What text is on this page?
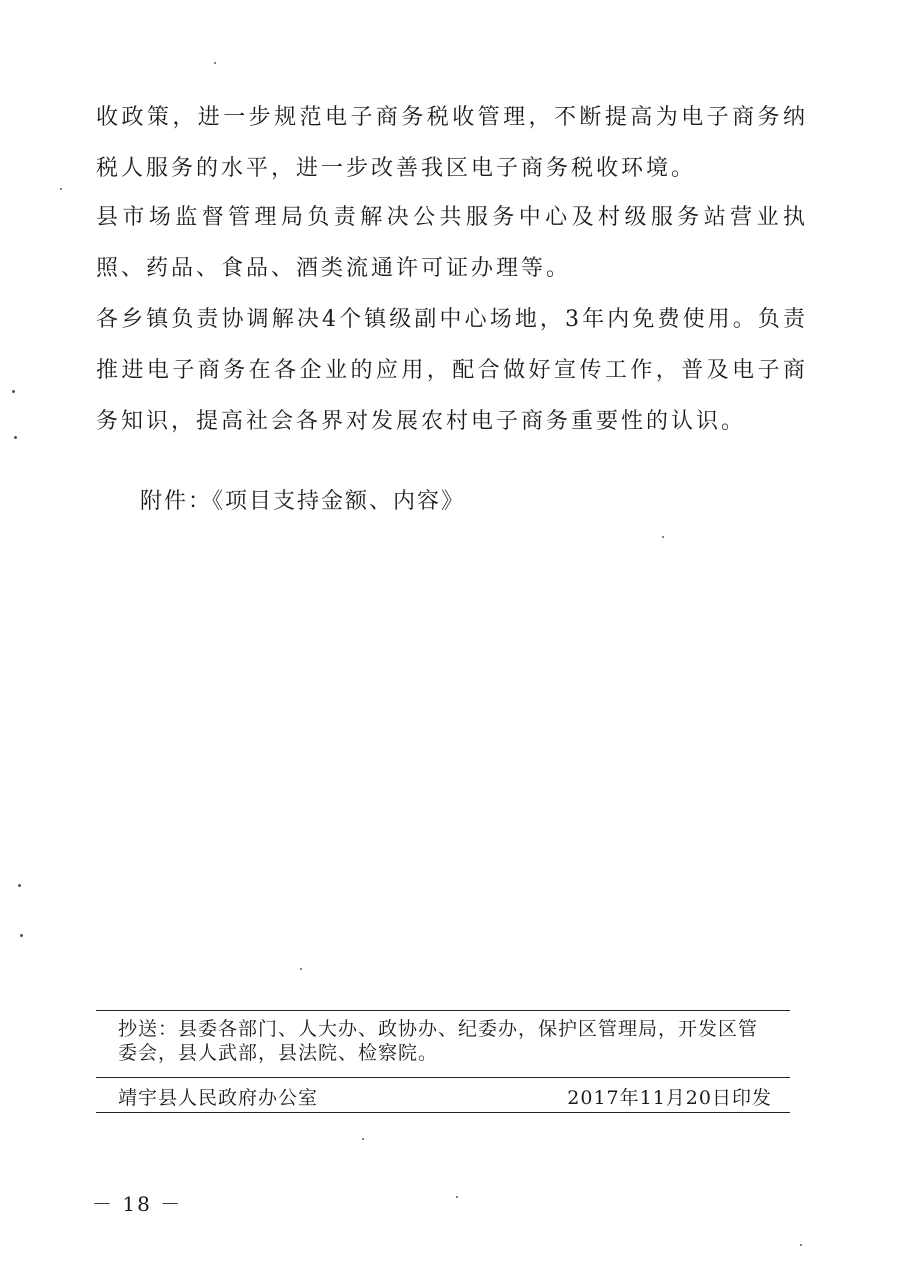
收政策，进一步规范电子商务税收管理，不断提高为电子商务纳税人服务的水平，进一步改善我区电子商务税收环境。

县市场监督管理局负责解决公共服务中心及村级服务站营业执照、药品、食品、酒类流通许可证办理等。

各乡镇负责协调解决4个镇级副中心场地，3年内免费使用。负责推进电子商务在各企业的应用，配合做好宣传工作，普及电子商务知识，提高社会各界对发展农村电子商务重要性的认识。

附件：《项目支持金额、内容》
抄送：县委各部门、人大办、政协办、纪委办，保护区管理局，开发区管委会，县人武部，县法院、检察院。
靖宇县人民政府办公室	2017年11月20日印发
－ 18 －
